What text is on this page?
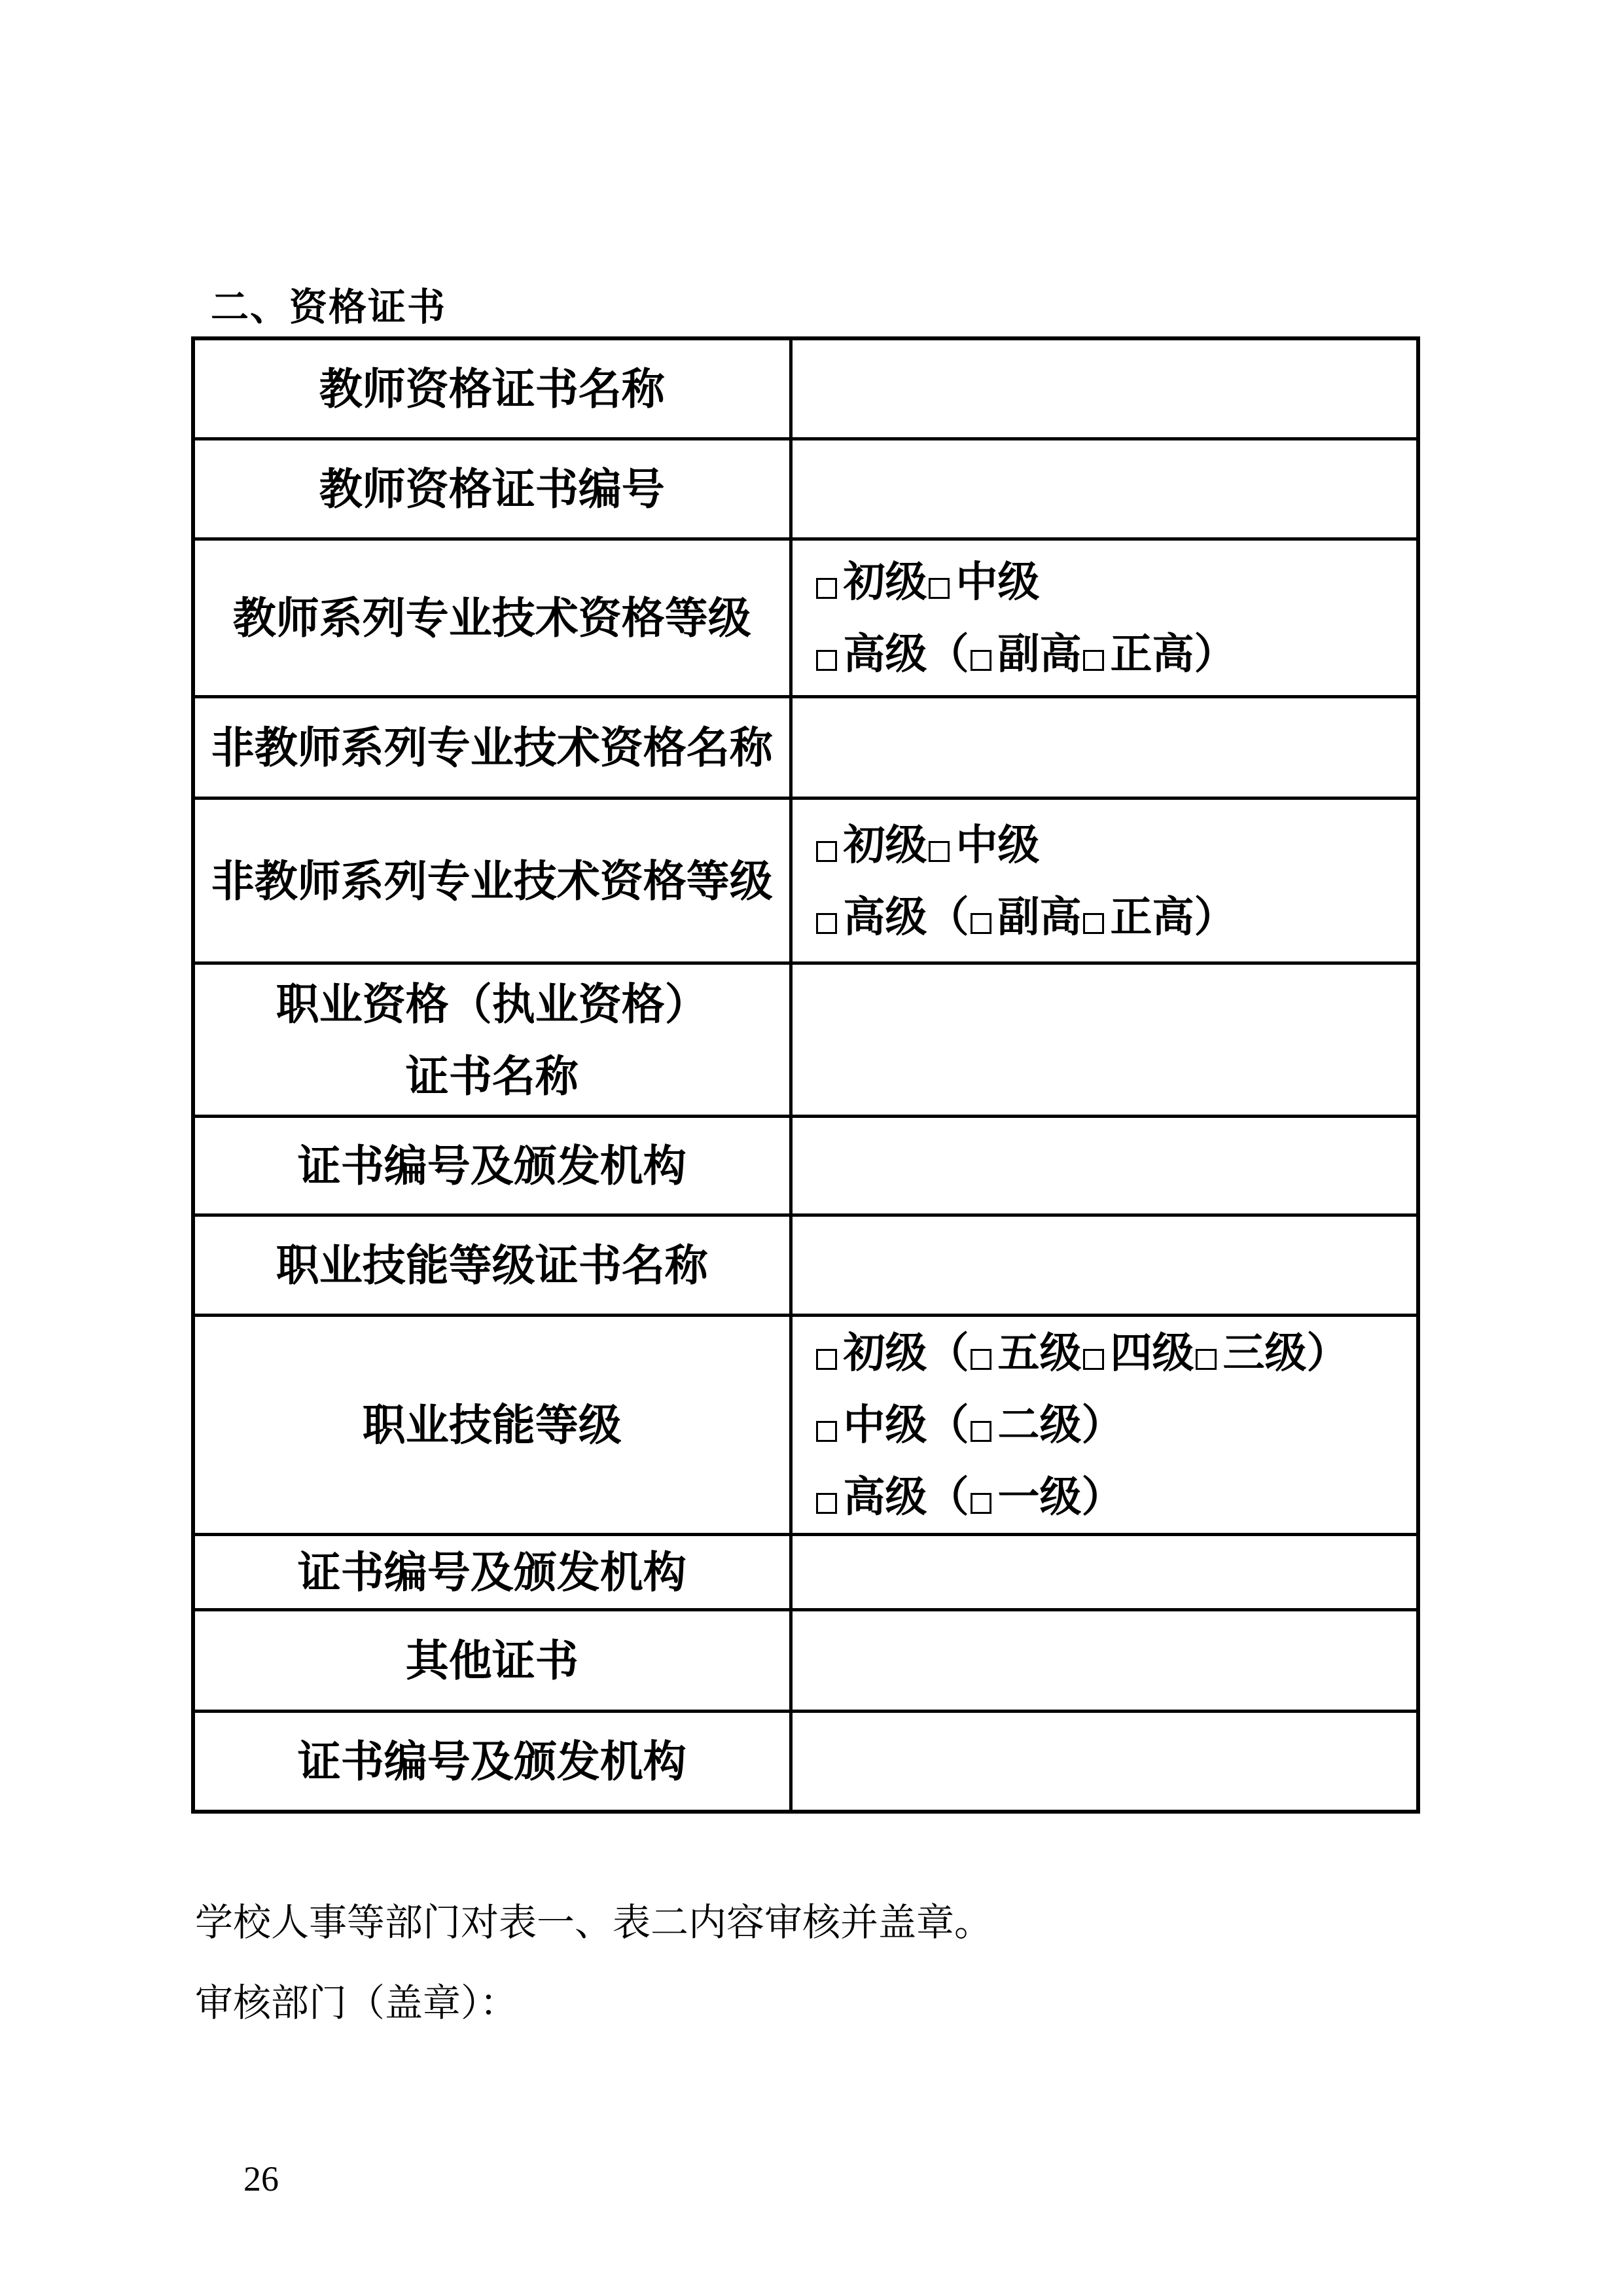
二、资格证书
教师资格证书名称	
教师资格证书编号	
教师系列专业技术资格等级	初级 中级
高级（ 副高 正高）

非教师系列专业技术资格名称	
非教师系列专业技术资格等级	初级 中级
高级（ 副高 正高）

职业资格（执业资格）
证书名称	

证书编号及颁发机构	
职业技能等级证书名称	
职业技能等级	初级（ 五级 四级 三级）
中级（ 二级）
高级（ 一级）

证书编号及颁发机构	
其他证书	
证书编号及颁发机构	
学校人事等部门对表一、表二内容审核并盖章。
审核部门（盖章）：
26
